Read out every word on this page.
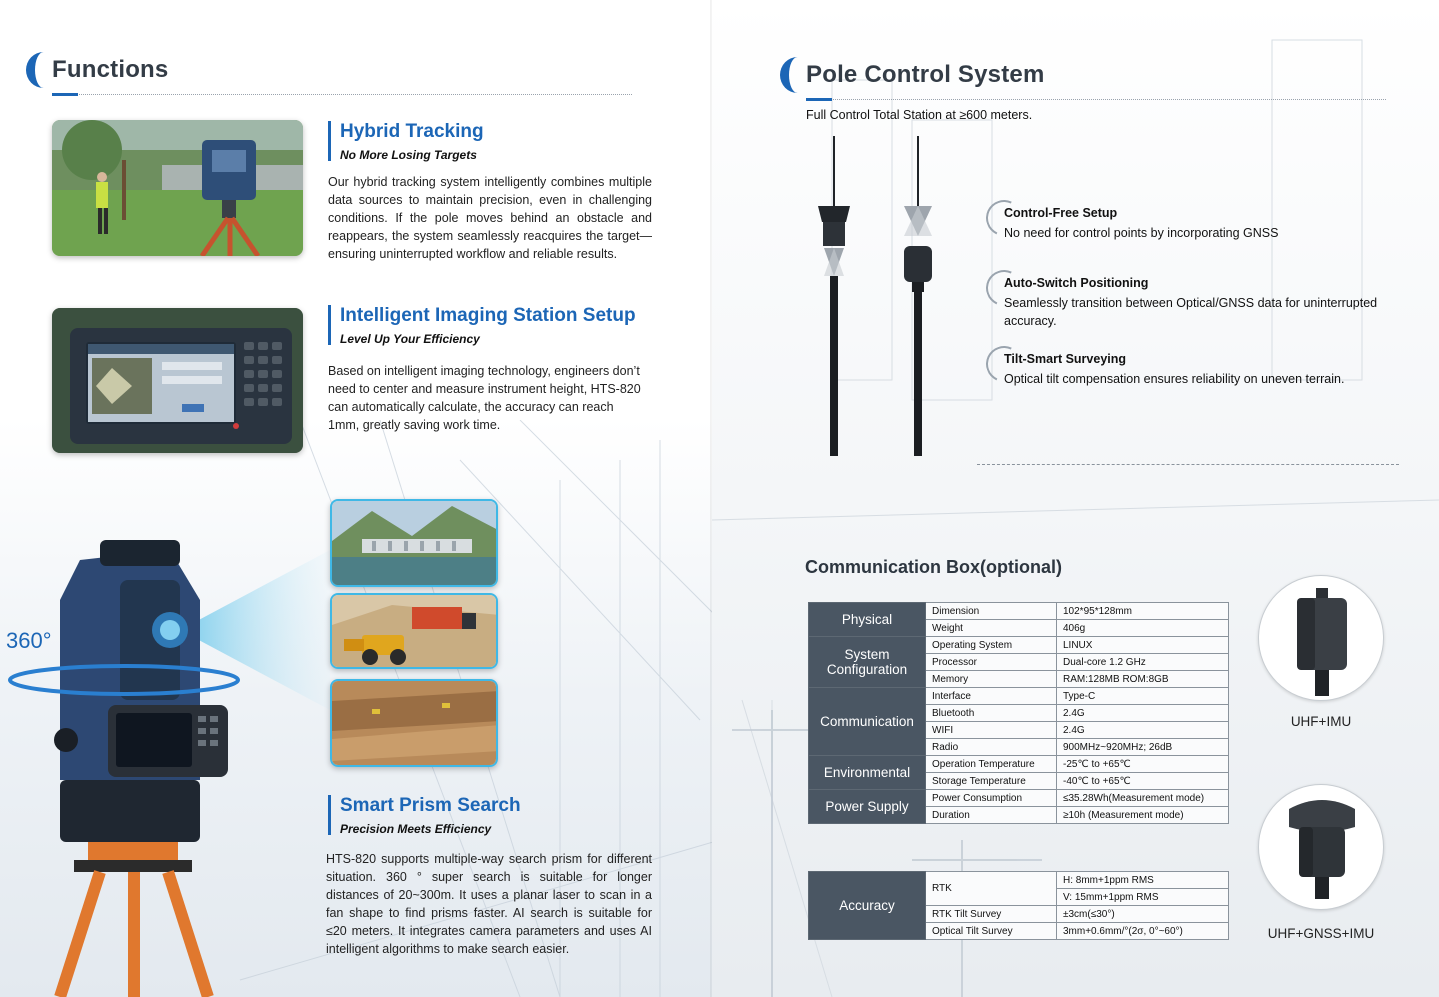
Functions
Hybrid Tracking
No More Losing Targets

Our hybrid tracking system intelligently combines multiple data sources to maintain precision, even in challenging conditions. If the pole moves behind an obstacle and reappears, the system seamlessly reacquires the target—ensuring uninterrupted workflow and reliable results.

Intelligent Imaging Station Setup
Level Up Your Efficiency

Based on intelligent imaging technology, engineers don’t need to center and measure instrument height, HTS-820 can automatically calculate, the accuracy can reach 1mm, greatly saving work time.

360°
Smart Prism Search
Precision Meets Efficiency

HTS-820 supports multiple-way search prism for different situation. 360 ° super search is suitable for longer distances of 20~300m. It uses a planar laser to scan in a fan shape to find prisms faster. AI search is suitable for ≤20 meters. It integrates camera parameters and uses AI intelligent algorithms to make search easier.

Pole Control System
Full Control Total Station at ≥600 meters.
Control-Free Setup
No need for control points by incorporating GNSS
Auto-Switch Positioning
Seamlessly transition between Optical/GNSS data for uninterrupted accuracy.
Tilt-Smart Surveying
Optical tilt compensation ensures reliability on uneven terrain.
Communication Box(optional)
Physical	Dimension	102*95*128mm
	Weight	406g
System Configuration	Operating System	LINUX
	Processor	Dual-core 1.2 GHz
	Memory	RAM:128MB ROM:8GB
Communication	Interface	Type-C
	Bluetooth	2.4G
	WIFI	2.4G
	Radio	900MHz~920MHz; 26dB
Environmental	Operation Temperature	-25℃ to +65℃
	Storage Temperature	-40℃ to +65℃
Power Supply	Power Consumption	≤35.28Wh(Measurement mode)
	Duration	≥10h (Measurement mode)
Accuracy	RTK	H: 8mm+1ppm RMS
		V: 15mm+1ppm RMS
	RTK Tilt Survey	±3cm(≤30°)
	Optical Tilt Survey	3mm+0.6mm/°(2σ, 0°~60°)
UHF+IMU
UHF+GNSS+IMU
